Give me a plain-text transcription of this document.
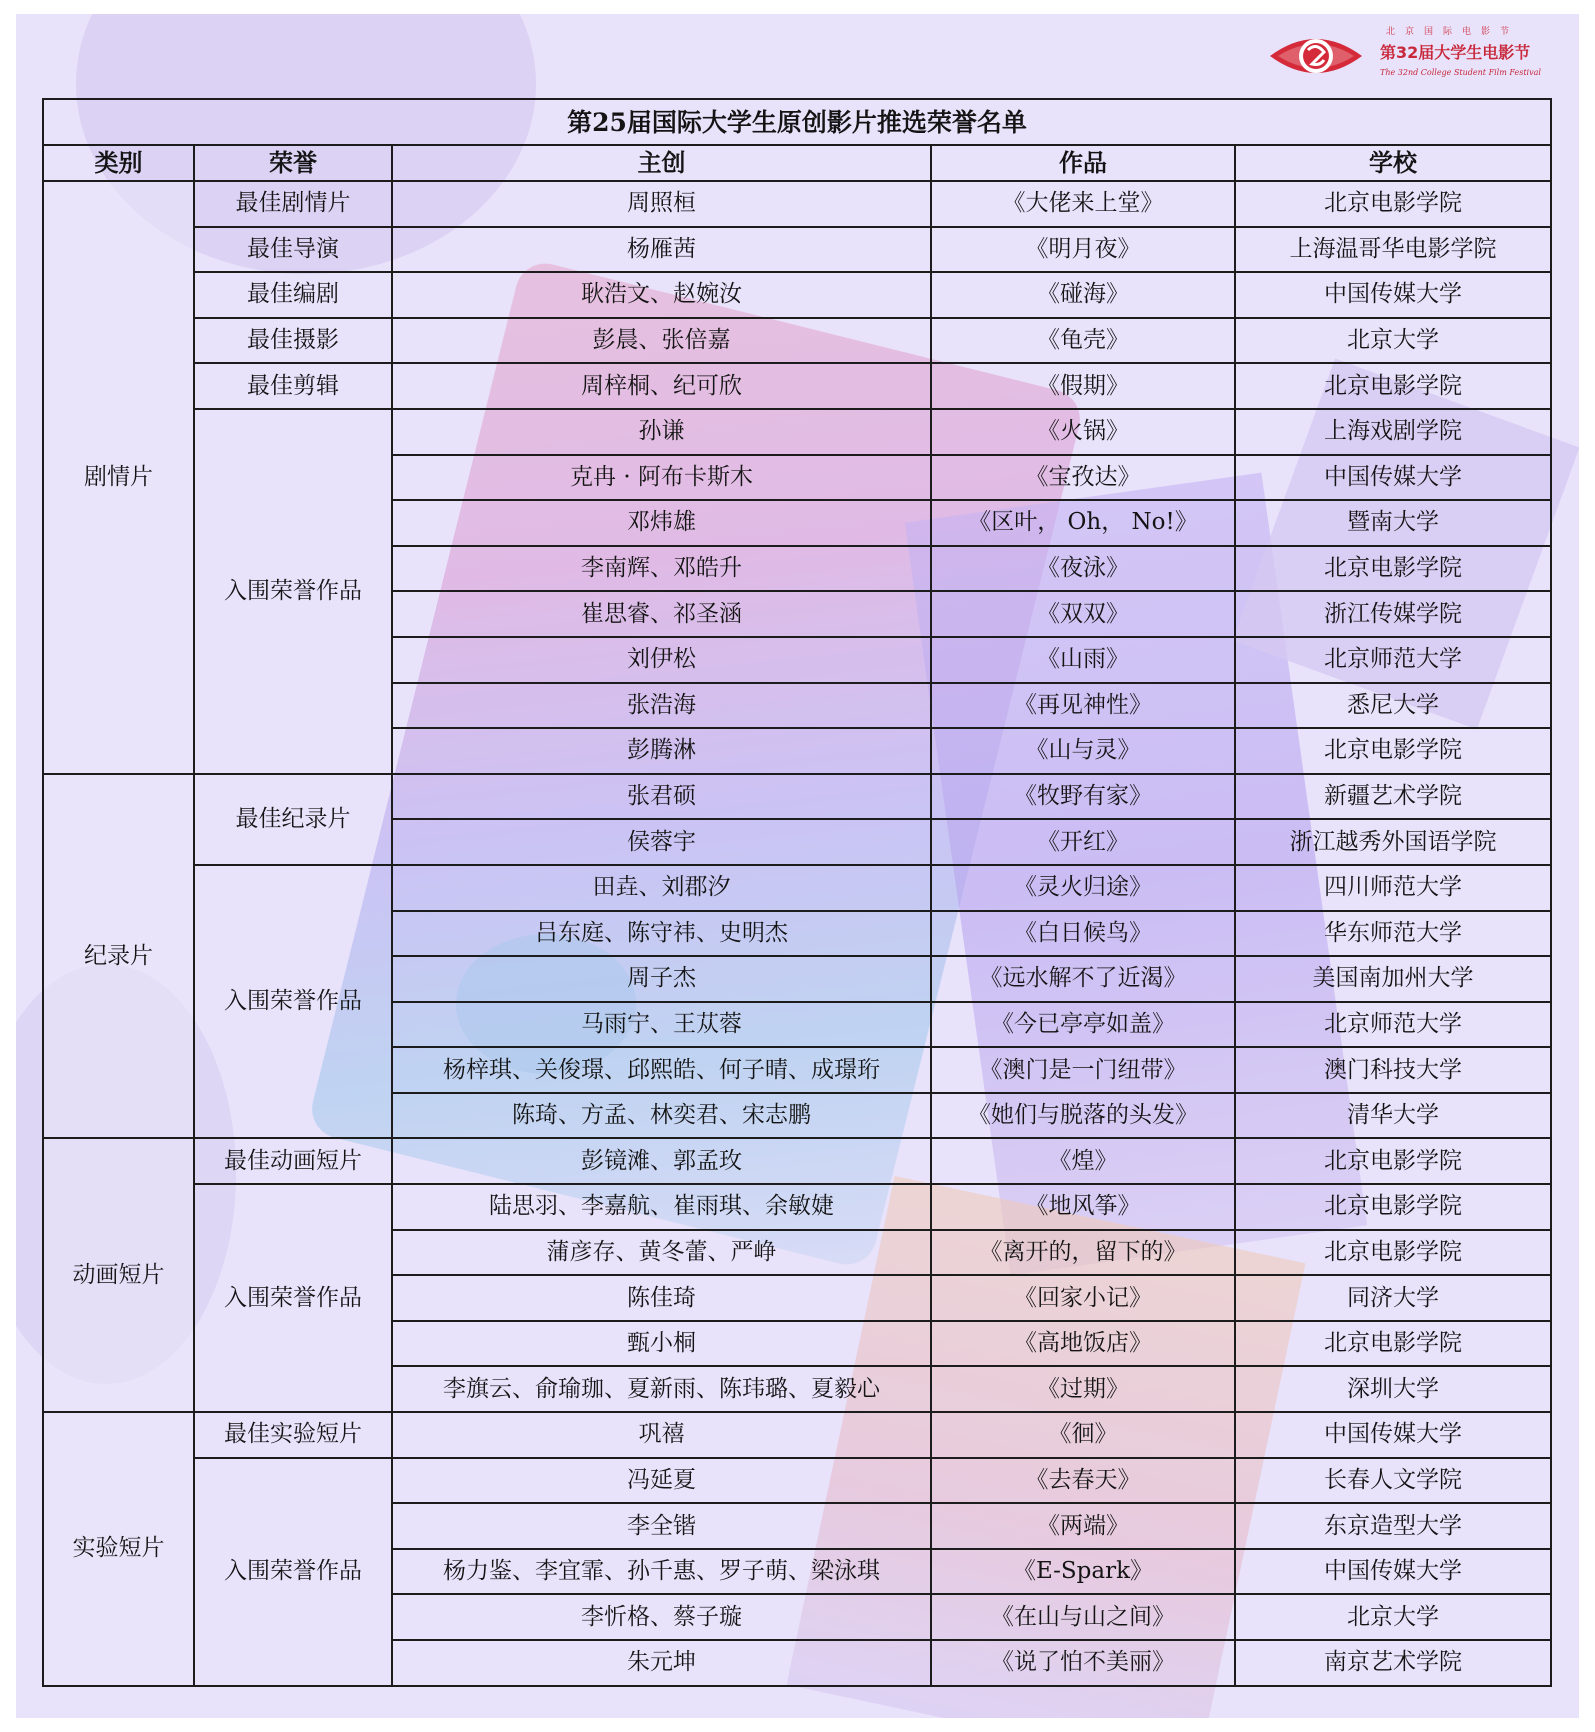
北京国际电影节
第32届大学生电影节
The 32nd College Student Film Festival
第25届国际大学生原创影片推选荣誉名单				
类别	荣誉	主创	作品	学校
剧情片	最佳剧情片	周照桓	《大佬来上堂》	北京电影学院
	最佳导演	杨雁茜	《明月夜》	上海温哥华电影学院
	最佳编剧	耿浩文、赵婉汝	《碰海》	中国传媒大学
	最佳摄影	彭晨、张倍嘉	《龟壳》	北京大学
	最佳剪辑	周梓桐、纪可欣	《假期》	北京电影学院
	入围荣誉作品	孙谦	《火锅》	上海戏剧学院
		克冉 · 阿布卡斯木	《宝孜达》	中国传媒大学
		邓炜雄	《区叶， Oh， No!》	暨南大学
		李南辉、邓皓升	《夜泳》	北京电影学院
		崔思睿、祁圣涵	《双双》	浙江传媒学院
		刘伊松	《山雨》	北京师范大学
		张浩海	《再见神性》	悉尼大学
		彭腾淋	《山与灵》	北京电影学院
纪录片	最佳纪录片	张君硕	《牧野有家》	新疆艺术学院
		侯蓉宇	《开红》	浙江越秀外国语学院
	入围荣誉作品	田垚、刘郡汐	《灵火归途》	四川师范大学
		吕东庭、陈守祎、史明杰	《白日候鸟》	华东师范大学
		周子杰	《远水解不了近渴》	美国南加州大学
		马雨宁、王苁蓉	《今已亭亭如盖》	北京师范大学
		杨梓琪、关俊璟、邱熙皓、何子晴、成璟珩	《澳门是一门纽带》	澳门科技大学
		陈琦、方孟、林奕君、宋志鹏	《她们与脱落的头发》	清华大学
动画短片	最佳动画短片	彭镜滩、郭孟玫	《煌》	北京电影学院
	入围荣誉作品	陆思羽、李嘉航、崔雨琪、余敏婕	《地风筝》	北京电影学院
		蒲彦存、黄冬蕾、严峥	《离开的，留下的》	北京电影学院
		陈佳琦	《回家小记》	同济大学
		甄小桐	《高地饭店》	北京电影学院
		李旗云、俞瑜珈、夏新雨、陈玮璐、夏毅心	《过期》	深圳大学
实验短片	最佳实验短片	巩禧	《徊》	中国传媒大学
	入围荣誉作品	冯延夏	《去春天》	长春人文学院
		李全锴	《两端》	东京造型大学
		杨力鉴、李宜霏、孙千惠、罗子萌、梁泳琪	《E-Spark》	中国传媒大学
		李忻格、蔡子璇	《在山与山之间》	北京大学
		朱元坤	《说了怕不美丽》	南京艺术学院
